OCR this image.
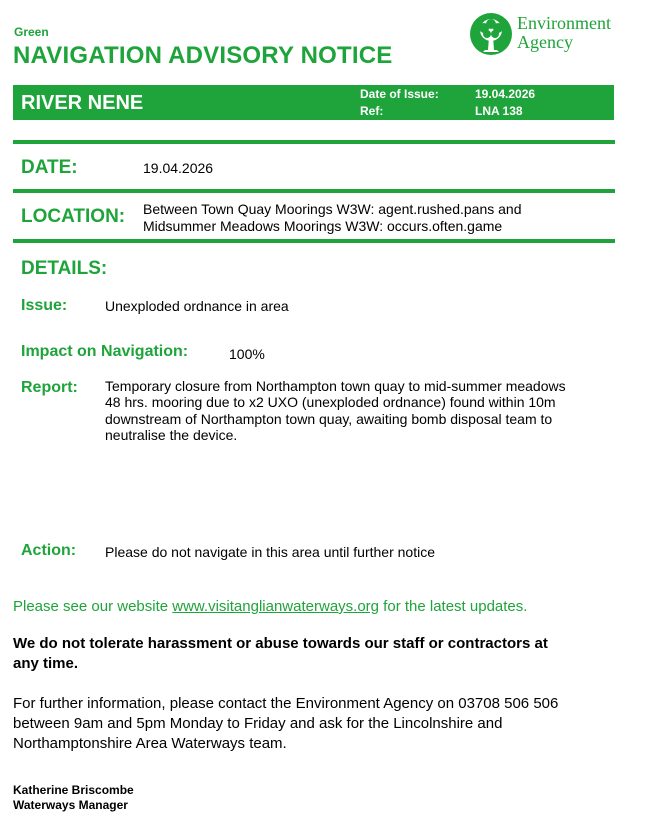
Green
NAVIGATION ADVISORY NOTICE
Environment
Agency
RIVER NENE	Date of Issue:	19.04.2026
Ref:	LNA 138
DATE:	19.04.2026
LOCATION: Between Town Quay Moorings W3W: agent.rushed.pans and
Midsummer Meadows Moorings W3W: occurs.often.game
DETAILS:
Issue:	Unexploded ordnance in area
Impact on Navigation:	100%
Report: Temporary closure from Northampton town quay to mid-summer meadows
48 hrs. mooring due to x2 UXO (unexploded ordnance) found within 10m
downstream of Northampton town quay, awaiting bomb disposal team to
neutralise the device.
Action: Please do not navigate in this area until further notice
Please see our website www.visitanglianwaterways.org for the latest updates.
We do not tolerate harassment or abuse towards our staff or contractors at
any time.
For further information, please contact the Environment Agency on 03708 506 506
between 9am and 5pm Monday to Friday and ask for the Lincolnshire and
Northamptonshire Area Waterways team.
Katherine Briscombe
Waterways Manager
